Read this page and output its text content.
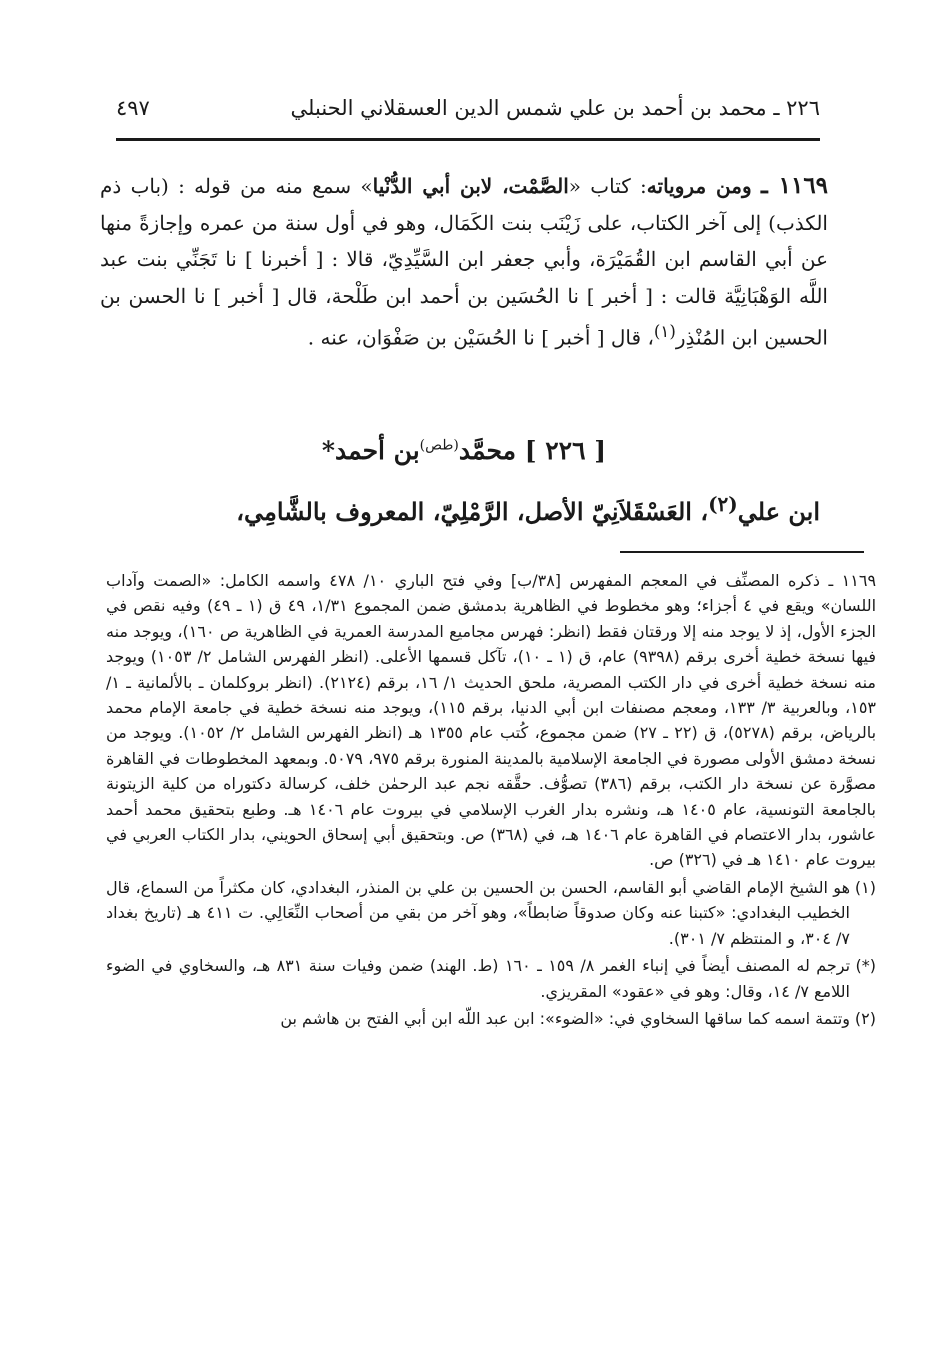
٢٢٦ ـ محمد بن أحمد بن علي شمس الدين العسقلاني الحنبلي
٤٩٧

١١٦٩ ـ ومن مروياته: كتاب «الصَّمْت، لابن أبي الدُّنْيا» سمع منه من قوله : (باب ذم الكذب) إلى آخر الكتاب، على زَيْنَب بنت الكَمَال، وهو في أول سنة من عمره وإجازةً منها عن أبي القاسم ابن القُمَيْرَة، وأبي جعفر ابن السَّيِّدِيّ، قالا : [ أخبرنا ] نا تَجَنِّي بنت عبد اللَّه الوَهْبَانِيَّة قالت : [ أخبر ] نا الحُسَين بن أحمد ابن طَلْحة، قال [ أخبر ] نا الحسن بن الحسين ابن المُنْذِر$^{(١)}$، قال [ أخبر ] نا الحُسَيْن بن صَفْوَان، عنه .

[ ٢٢٦ ] محمَّد$^{(طص)}$بن أحمد*
ابن علي$^{(٢)}$، العَسْقَلاَنِيّ الأصل، الرَّمْلِيّ، المعروف بالشَّامِي،

١١٦٩ ـ ذكره المصنِّف في المعجم المفهرس [٣٨/ب] وفي فتح الباري ١٠/ ٤٧٨ واسمه الكامل: «الصمت وآداب اللسان» ويقع في ٤ أجزاء؛ وهو مخطوط في الظاهرية بدمشق ضمن المجموع ١/٣١، ٤٩ ق (١ ـ ٤٩) وفيه نقص في الجزء الأول، إذ لا يوجد منه إلا ورقتان فقط (انظر: فهرس مجاميع المدرسة العمرية في الظاهرية ص ١٦٠)، ويوجد منه فيها نسخة خطية أخرى برقم (٩٣٩٨) عام، ق (١ ـ ١٠)، تآكل قسمها الأعلى. (انظر الفهرس الشامل ٢/ ١٠٥٣) ويوجد منه نسخة خطية أخرى في دار الكتب المصرية، ملحق الحديث ١/ ١٦، برقم (٢١٢٤). (انظر بروكلمان ـ بالألمانية ـ ١/ ١٥٣، وبالعربية ٣/ ١٣٣، ومعجم مصنفات ابن أبي الدنيا، برقم ١١٥)، ويوجد منه نسخة خطية في جامعة الإمام محمد بالرياض، برقم (٥٢٧٨)، ق (٢٢ ـ ٢٧) ضمن مجموع، كُتب عام ١٣٥٥ هـ (انظر الفهرس الشامل ٢/ ١٠٥٢). ويوجد من نسخة دمشق الأولى مصورة في الجامعة الإسلامية بالمدينة المنورة برقم ٩٧٥، ٥٠٧٩. وبمعهد المخطوطات في القاهرة مصوَّرة عن نسخة دار الكتب، برقم (٣٨٦) تصوُّف. حقَّقه نجم عبد الرحمٰن خلف، كرسالة دكتوراه من كلية الزيتونة بالجامعة التونسية، عام ١٤٠٥ هـ، ونشره بدار الغرب الإسلامي في بيروت عام ١٤٠٦ هـ. وطبع بتحقيق محمد أحمد عاشور، بدار الاعتصام في القاهرة عام ١٤٠٦ هـ، في (٣٦٨) ص. وبتحقيق أبي إسحاق الحويني، بدار الكتاب العربي في بيروت عام ١٤١٠ هـ في (٣٢٦) ص.

(١)
هو الشيخ الإمام القاضي أبو القاسم، الحسن بن الحسين بن علي بن المنذر، البغدادي، كان مكثراً من السماع، قال الخطيب البغدادي: «كتبنا عنه وكان صدوقاً ضابطاً»، وهو آخر من بقي من أصحاب النِّعَالِي. ت ٤١١ هـ (تاريخ بغداد ٧/ ٣٠٤، و المنتظم ٧/ ٣٠١).

(*)
ترجم له المصنف أيضاً في إنباء الغمر ٨/ ١٥٩ ـ ١٦٠ (ط. الهند) ضمن وفيات سنة ٨٣١ هـ، والسخاوي في الضوء اللامع ٧/ ١٤، وقال: وهو في «عقود» المقريزي.

(٢)
وتتمة اسمه كما ساقها السخاوي في: «الضوء»: ابن عبد اللّه ابن أبي الفتح بن هاشم بن
